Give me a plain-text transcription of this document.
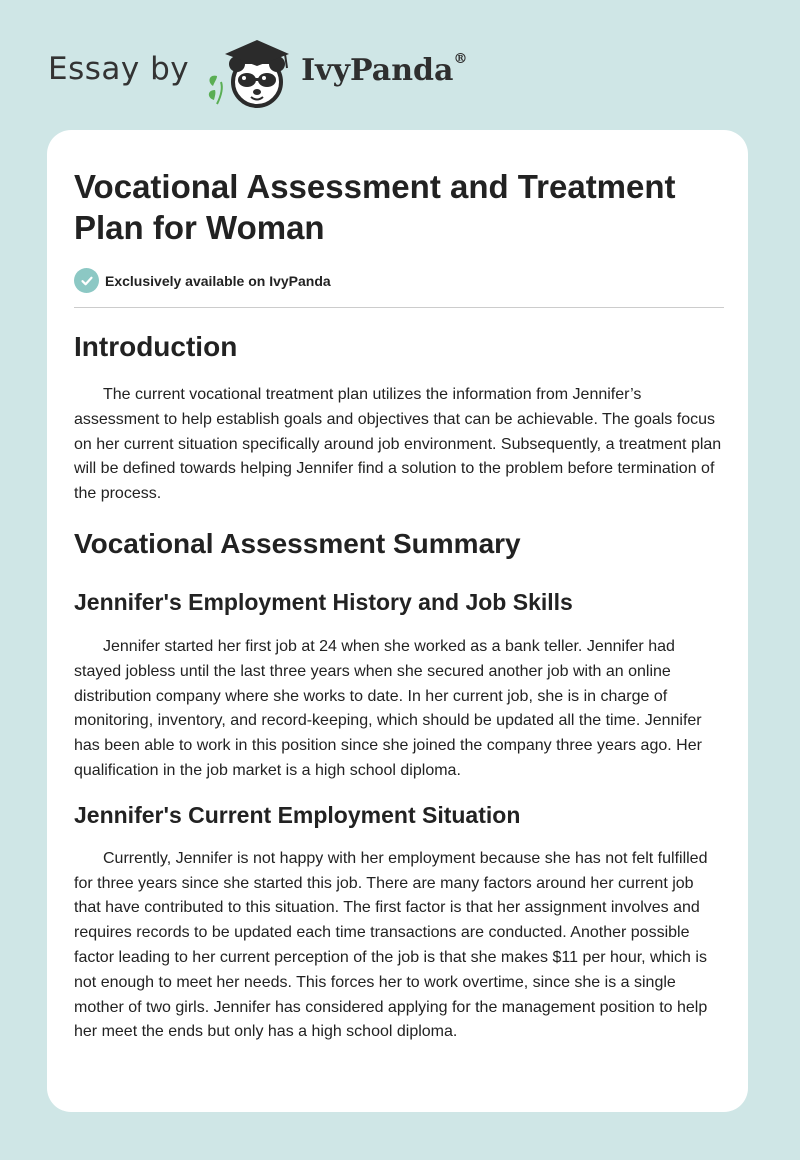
Essay by	IvyPanda®
Vocational Assessment and Treatment Plan for Woman
Exclusively available on IvyPanda
Introduction

The current vocational treatment plan utilizes the information from Jennifer’s assessment to help establish goals and objectives that can be achievable. The goals focus on her current situation specifically around job environment. Subsequently, a treatment plan will be defined towards helping Jennifer find a solution to the problem before termination of the process.

Vocational Assessment Summary
Jennifer's Employment History and Job Skills

Jennifer started her first job at 24 when she worked as a bank teller. Jennifer had stayed jobless until the last three years when she secured another job with an online distribution company where she works to date. In her current job, she is in charge of monitoring, inventory, and record-keeping, which should be updated all the time. Jennifer has been able to work in this position since she joined the company three years ago. Her qualification in the job market is a high school diploma.

Jennifer's Current Employment Situation

Currently, Jennifer is not happy with her employment because she has not felt fulfilled for three years since she started this job. There are many factors around her current job that have contributed to this situation. The first factor is that her assignment involves and requires records to be updated each time transactions are conducted. Another possible factor leading to her current perception of the job is that she makes $11 per hour, which is not enough to meet her needs. This forces her to work overtime, since she is a single mother of two girls. Jennifer has considered applying for the management position to help her meet the ends but only has a high school diploma.
